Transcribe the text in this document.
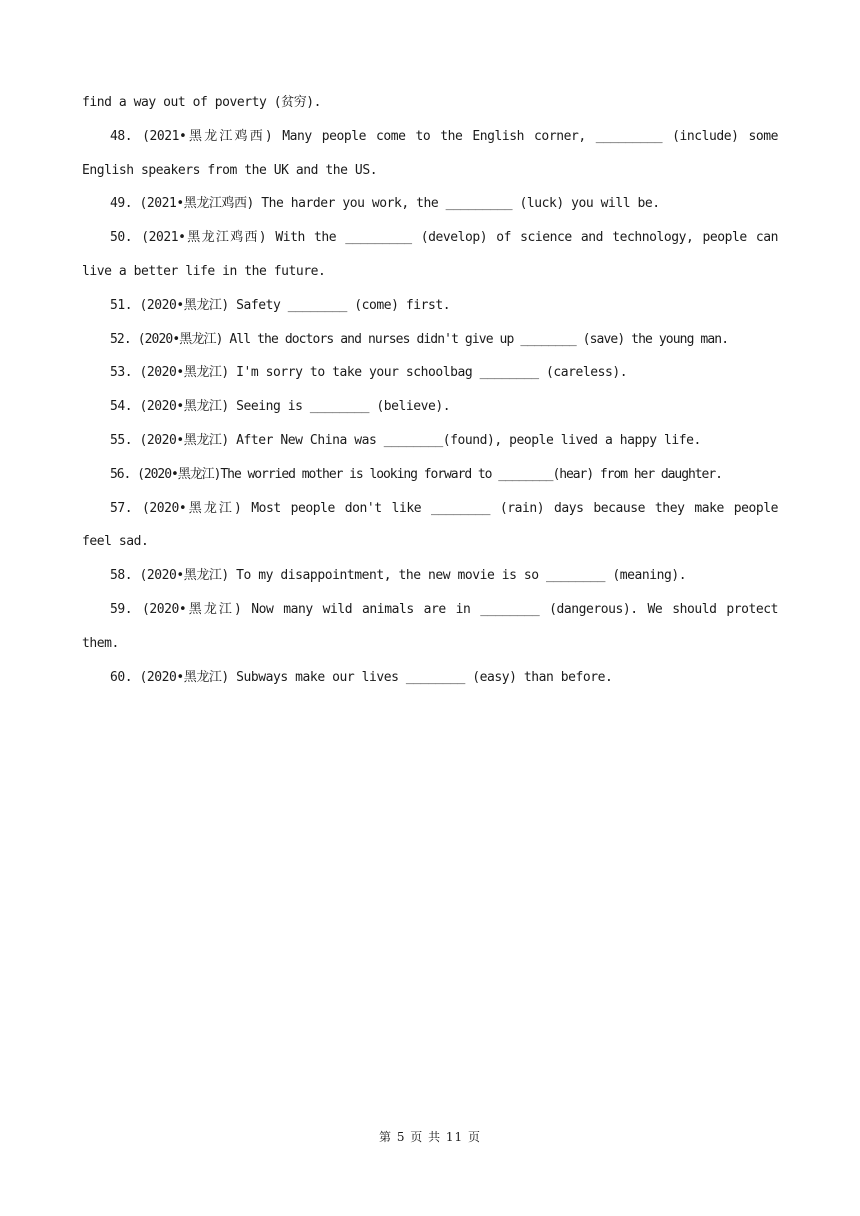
find a way out of poverty (贫穷).
48. (2021•黑龙江鸡西) Many people come to the English corner, _________ (include) some
English speakers from the UK and the US.
49. (2021•黑龙江鸡西) The harder you work, the _________ (luck) you will be.
50. (2021•黑龙江鸡西) With the _________ (develop) of science and technology, people can
live a better life in the future.
51. (2020•黑龙江) Safety ________ (come) first.
52. (2020•黑龙江) All the doctors and nurses didn't give up ________ (save) the young man.
53. (2020•黑龙江) I'm sorry to take your schoolbag ________ (careless).
54. (2020•黑龙江) Seeing is ________ (believe).
55. (2020•黑龙江) After New China was ________(found), people lived a happy life.
56. (2020•黑龙江)The worried mother is looking forward to ________(hear) from her daughter.
57. (2020•黑龙江) Most people don't like ________ (rain) days because they make people
feel sad.
58. (2020•黑龙江) To my disappointment, the new movie is so ________ (meaning).
59. (2020•黑龙江) Now many wild animals are in ________ (dangerous). We should protect
them.
60. (2020•黑龙江) Subways make our lives ________ (easy) than before.
第 5 页 共 11 页
